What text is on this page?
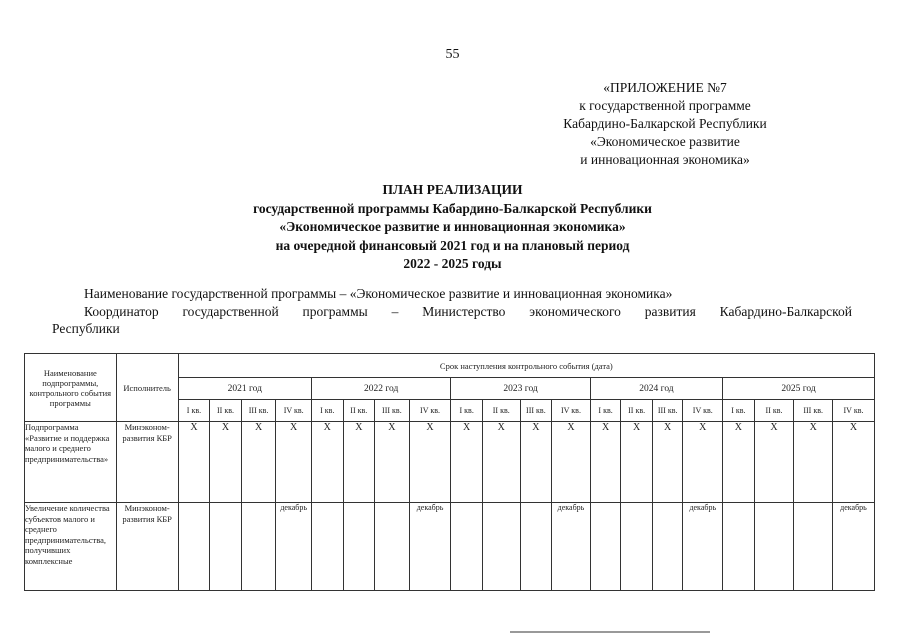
55
«ПРИЛОЖЕНИЕ №7
к государственной программе
Кабардино-Балкарской Республики
«Экономическое развитие
и инновационная экономика»
ПЛАН РЕАЛИЗАЦИИ
государственной программы Кабардино-Балкарской Республики
«Экономическое развитие и инновационная экономика»
на очередной финансовый 2021 год и на плановый период
2022 - 2025 годы

Наименование государственной программы – «Экономическое развитие и инновационная экономика»

Координатор государственной программы – Министерство экономического развития Кабардино-Балкарской

Республики
Наименование подпрограммы, контрольного события программы	Исполнитель	Срок наступления контрольного события (дата)																			
		2021 год				2022 год				2023 год				2024 год				2025 год			
		I кв.	II кв.	III кв.	IV кв.	I кв.	II кв.	III кв.	IV кв.	I кв.	II кв.	III кв.	IV кв.	I кв.	II кв.	III кв.	IV кв.	I кв.	II кв.	III кв.	IV кв.
Подпрограмма «Развитие и поддержка малого и среднего предпринимательства»	Минэконом-развития КБР	X	X	X	X	X	X	X	X	X	X	X	X	X	X	X	X	X	X	X	X
Увеличение количества субъектов малого и среднего предпринимательства, получивших комплексные	Минэконом-развития КБР				декабрь				декабрь				декабрь				декабрь				декабрь
